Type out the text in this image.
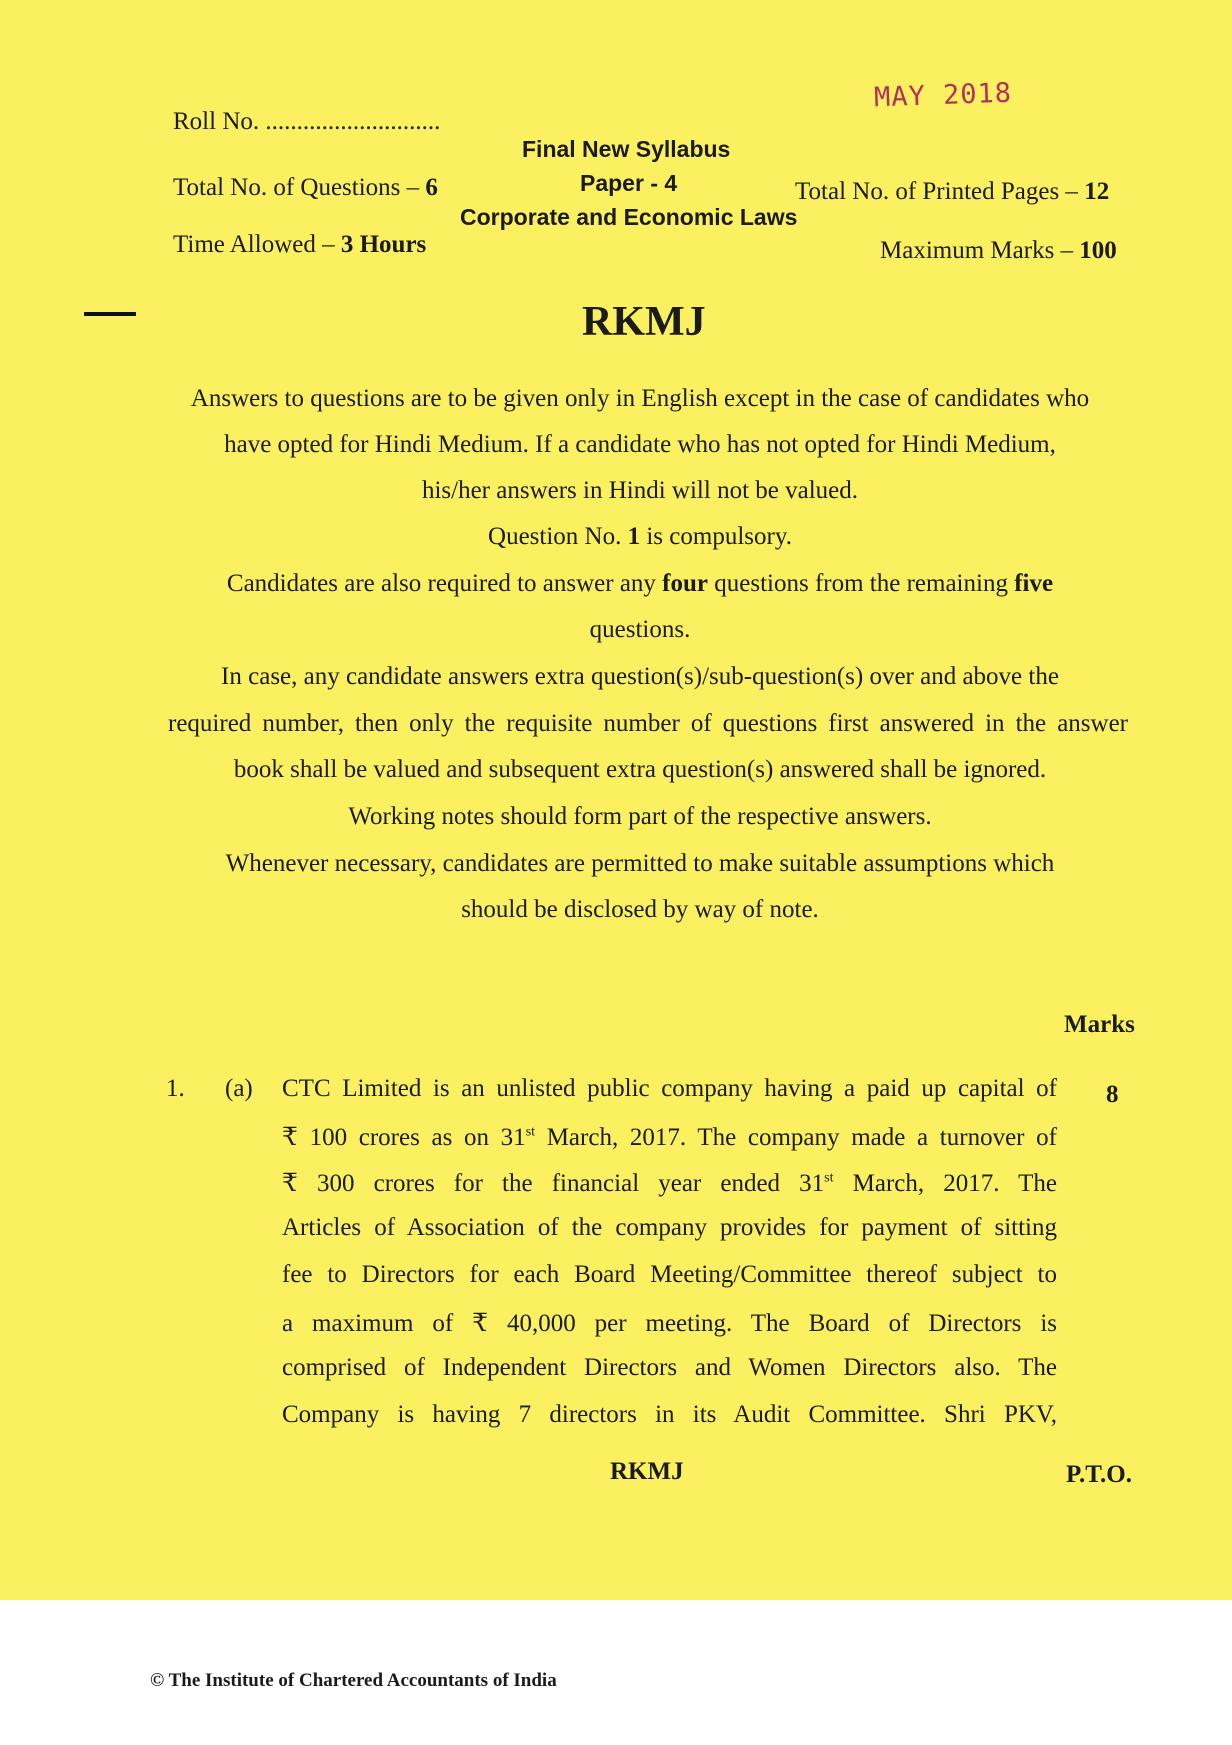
MAY 2018
Roll No. ............................
Final New Syllabus
Total No. of Questions – 6	Paper - 4	Total No. of Printed Pages – 12
Corporate and Economic Laws
Time Allowed – 3 Hours	Maximum Marks – 100
RKMJ
Answers to questions are to be given only in English except in the case of candidates who
have opted for Hindi Medium. If a candidate who has not opted for Hindi Medium,
his/her answers in Hindi will not be valued.
Question No. 1 is compulsory.
Candidates are also required to answer any four questions from the remaining five
questions.
In case, any candidate answers extra question(s)/sub-question(s) over and above the
required number, then only the requisite number of questions first answered in the answer
book shall be valued and subsequent extra question(s) answered shall be ignored.
Working notes should form part of the respective answers.
Whenever necessary, candidates are permitted to make suitable assumptions which
should be disclosed by way of note.
Marks
1. (a)	8
CTC Limited is an unlisted public company having a paid up capital of
₹ 100 crores as on 31st March, 2017. The company made a turnover of
₹ 300 crores for the financial year ended 31st March, 2017. The
Articles of Association of the company provides for payment of sitting
fee to Directors for each Board Meeting/Committee thereof subject to
a maximum of ₹ 40,000 per meeting. The Board of Directors is
comprised of Independent Directors and Women Directors also. The
Company is having 7 directors in its Audit Committee. Shri PKV,
RKMJ	P.T.O.
© The Institute of Chartered Accountants of India
